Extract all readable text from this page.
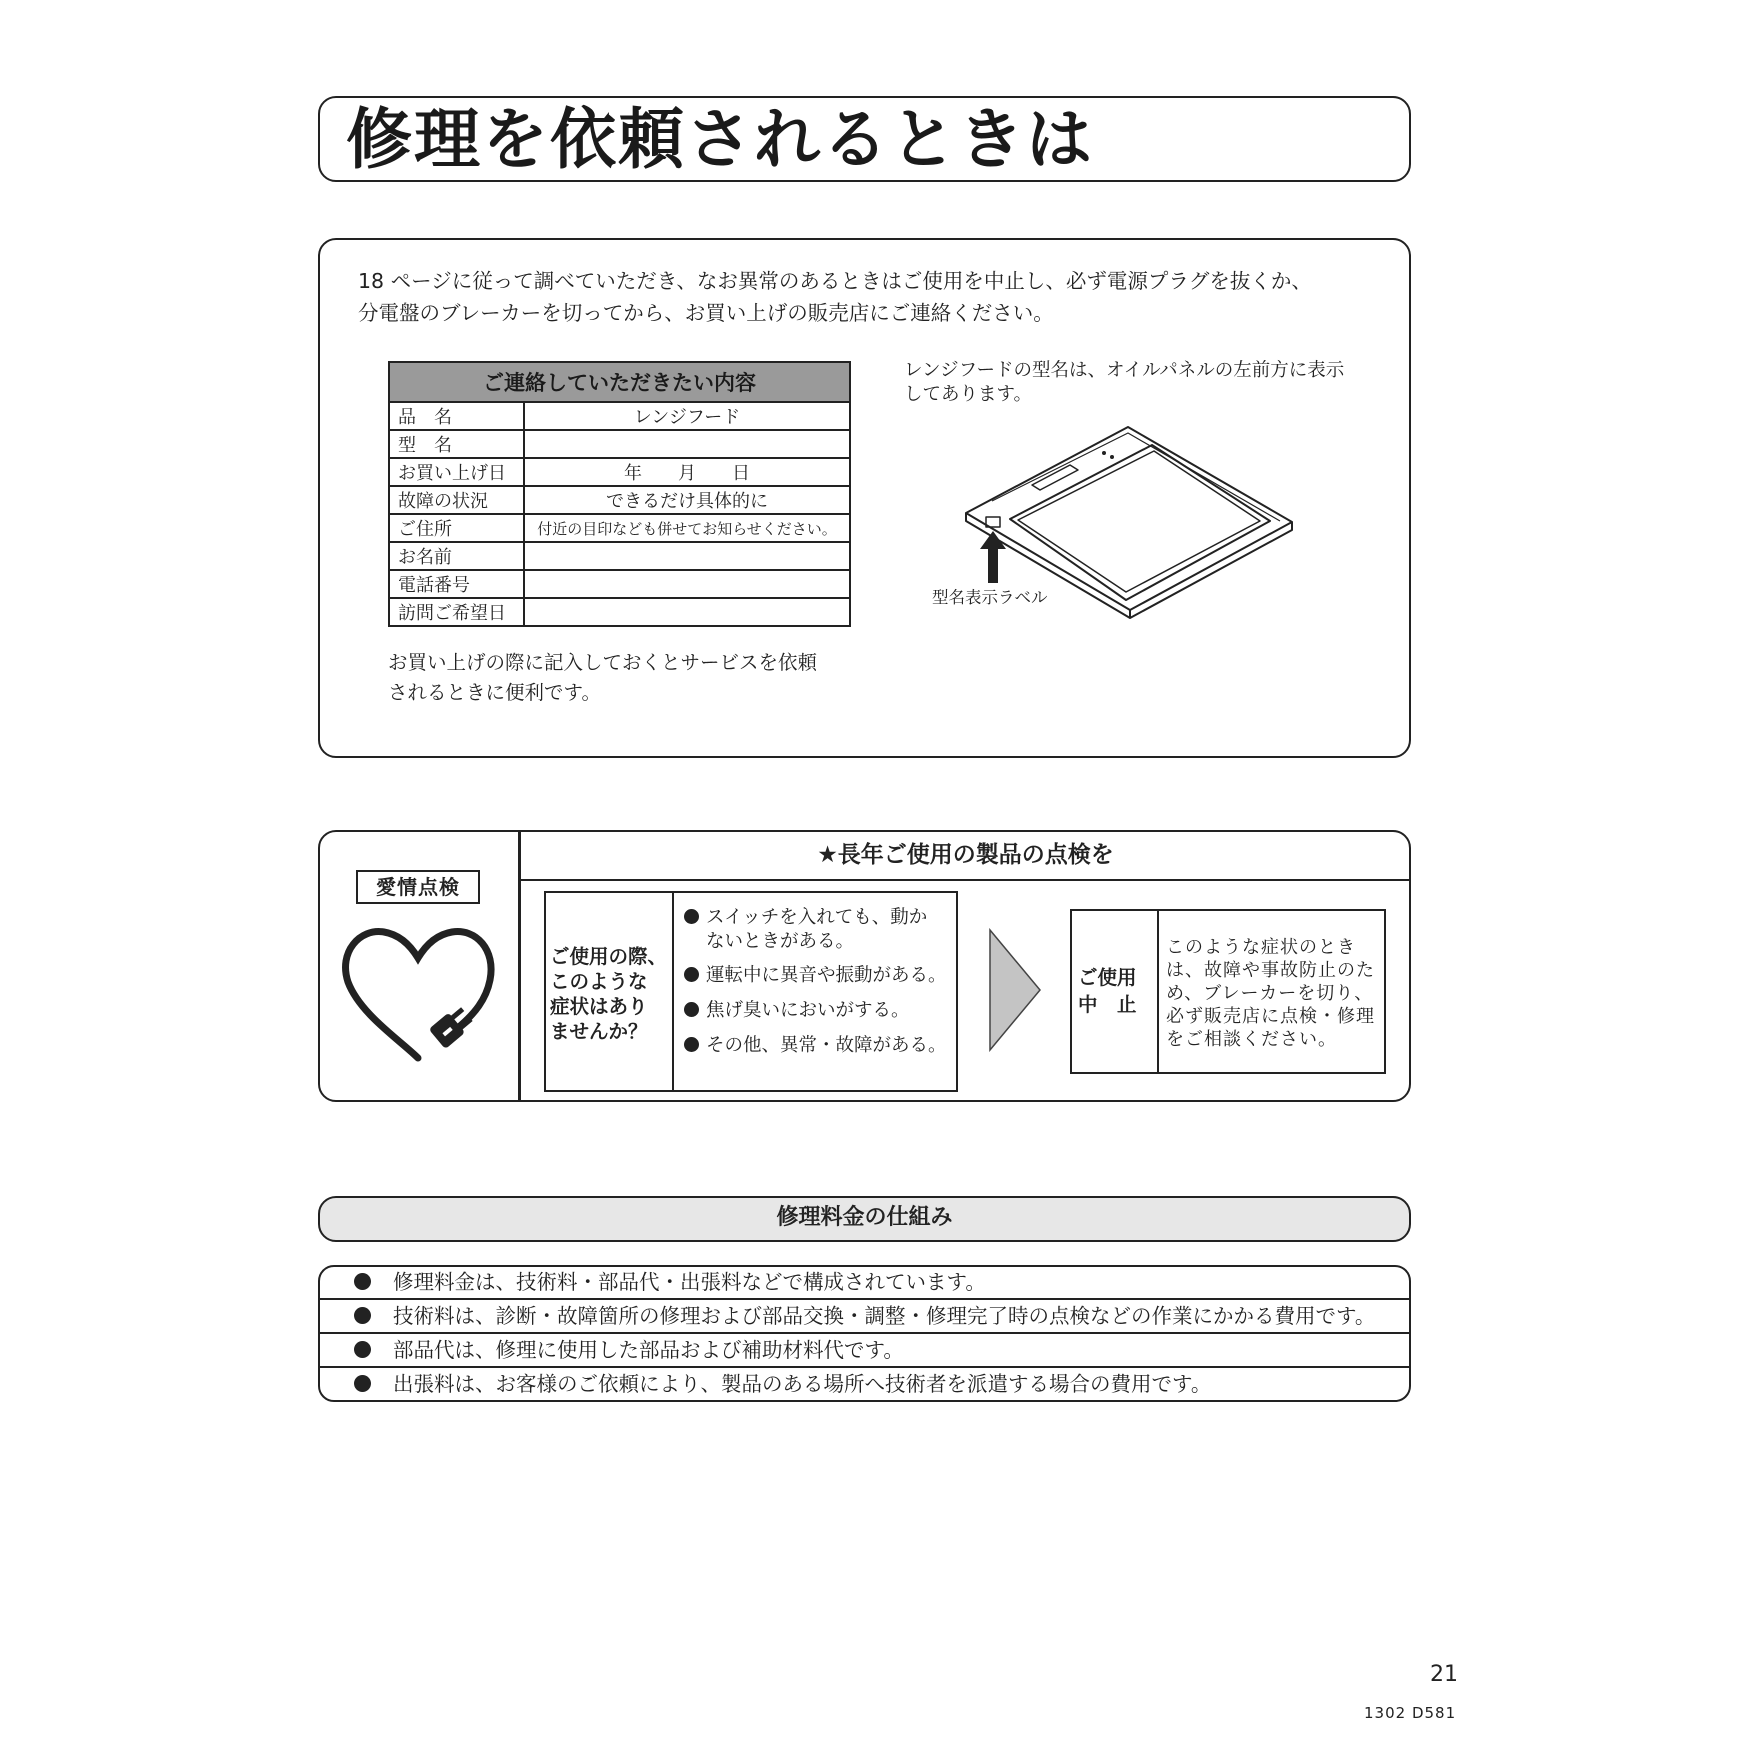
修理を依頼されるときは
18 ページに従って調べていただき、なお異常のあるときはご使用を中止し、必ず電源プラグを抜くか、
分電盤のブレーカーを切ってから、お買い上げの販売店にご連絡ください。
ご連絡していただきたい内容	
品　名	レンジフード
型　名	
お買い上げ日	年　　月　　日
故障の状況	できるだけ具体的に
ご住所	付近の目印なども併せてお知らせください。
お名前	
電話番号	
訪問ご希望日	
お買い上げの際に記入しておくとサービスを依頼
されるときに便利です。
レンジフードの型名は、オイルパネルの左前方に表示
してあります。
型名表示ラベル
愛情点検
★長年ご使用の製品の点検を
ご使用の際、
このような
症状はあり
ませんか？
スイッチを入れても、動か
ないときがある。
運転中に異音や振動がある。
焦げ臭いにおいがする。
その他、異常・故障がある。
ご使用
中　止
このような症状のとき
は、故障や事故防止のた
め、ブレーカーを切り、
必ず販売店に点検・修理
をご相談ください。
修理料金の仕組み
修理料金は、技術料・部品代・出張料などで構成されています。
技術料は、診断・故障箇所の修理および部品交換・調整・修理完了時の点検などの作業にかかる費用です。
部品代は、修理に使用した部品および補助材料代です。
出張料は、お客様のご依頼により、製品のある場所へ技術者を派遣する場合の費用です。
21
1302 D581
